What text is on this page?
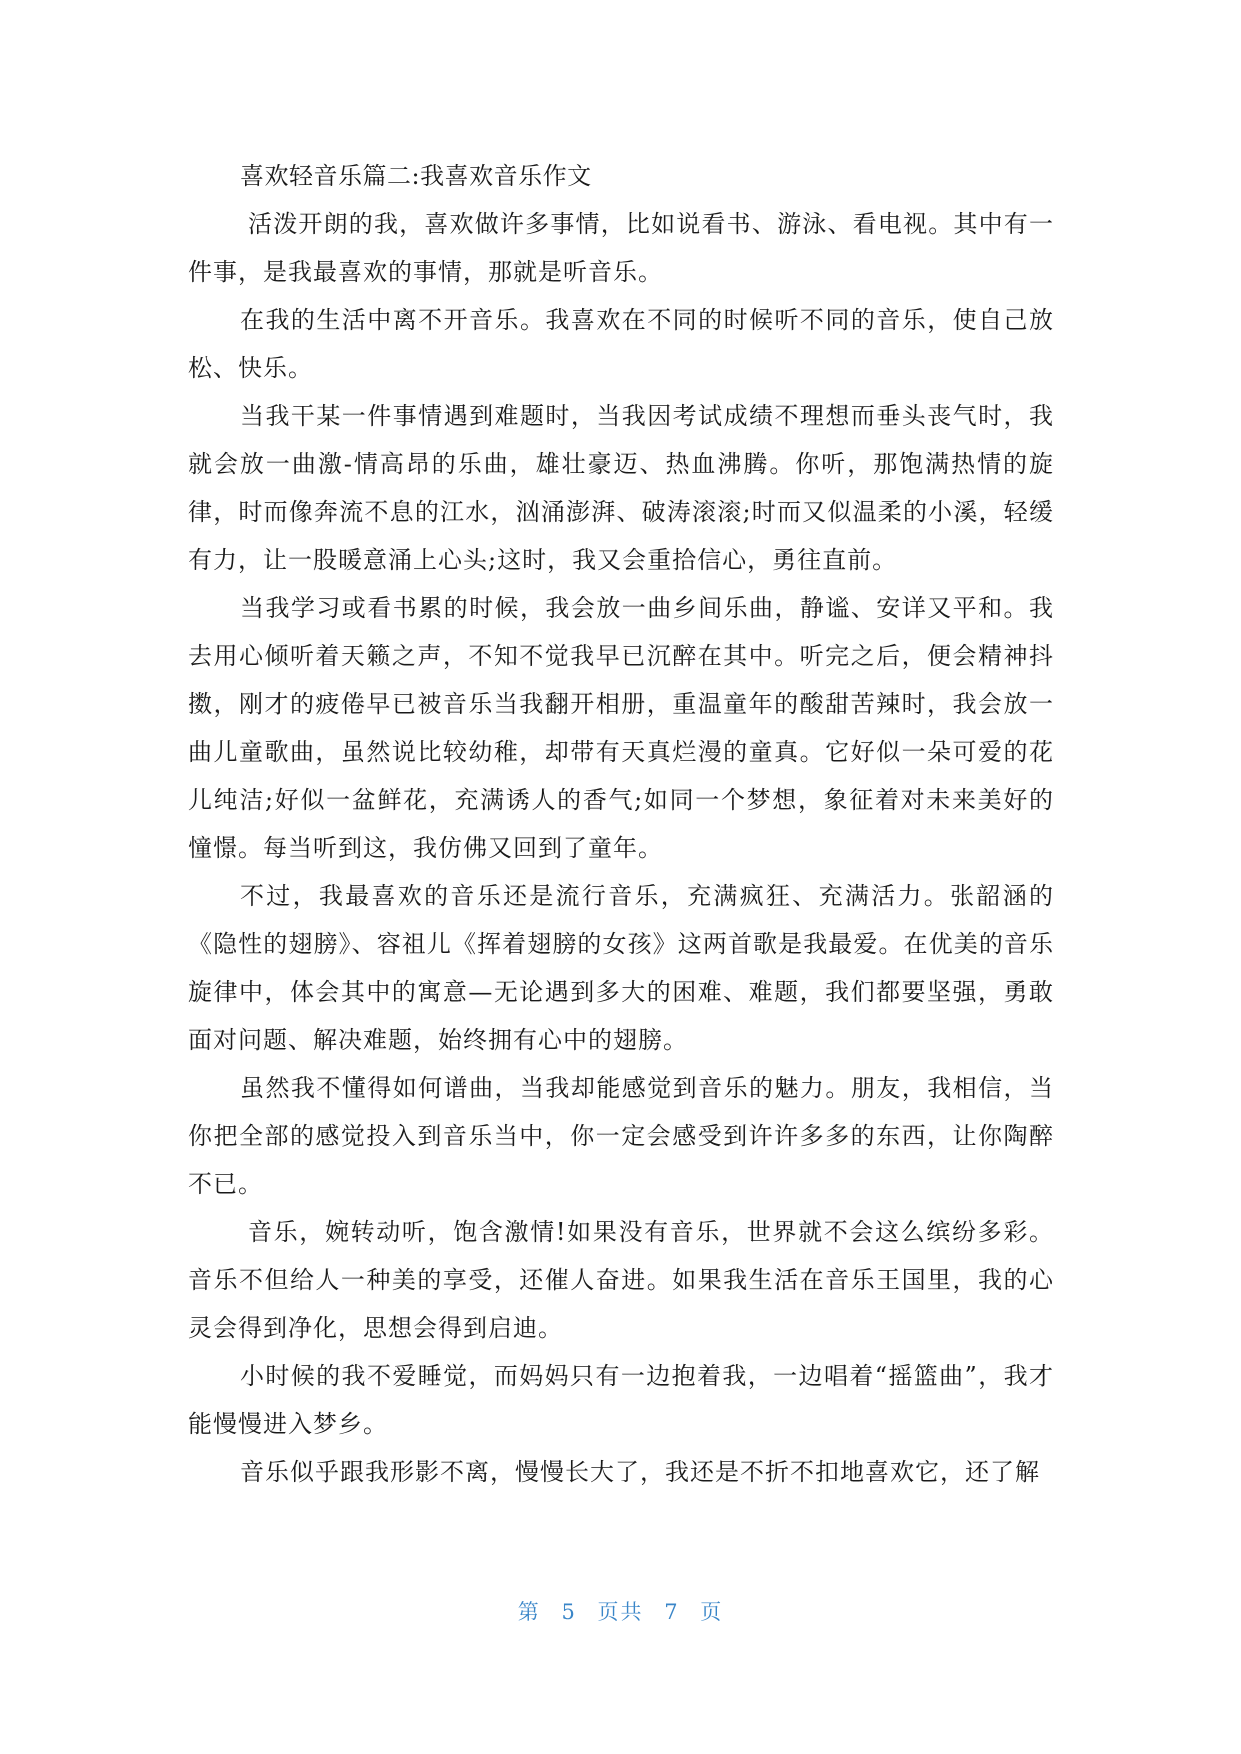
喜欢轻音乐篇二:我喜欢音乐作文

活泼开朗的我，喜欢做许多事情，比如说看书、游泳、看电视。其中有一件事，是我最喜欢的事情，那就是听音乐。

在我的生活中离不开音乐。我喜欢在不同的时候听不同的音乐，使自己放松、快乐。

当我干某一件事情遇到难题时，当我因考试成绩不理想而垂头丧气时，我就会放一曲激-情高昂的乐曲，雄壮豪迈、热血沸腾。你听，那饱满热情的旋律，时而像奔流不息的江水，汹涌澎湃、破涛滚滚;时而又似温柔的小溪，轻缓有力，让一股暖意涌上心头;这时，我又会重拾信心，勇往直前。

当我学习或看书累的时候，我会放一曲乡间乐曲，静谧、安详又平和。我去用心倾听着天籁之声，不知不觉我早已沉醉在其中。听完之后，便会精神抖擞，刚才的疲倦早已被音乐当我翻开相册，重温童年的酸甜苦辣时，我会放一曲儿童歌曲，虽然说比较幼稚，却带有天真烂漫的童真。它好似一朵可爱的花儿纯洁;好似一盆鲜花，充满诱人的香气;如同一个梦想，象征着对未来美好的憧憬。每当听到这，我仿佛又回到了童年。

不过，我最喜欢的音乐还是流行音乐，充满疯狂、充满活力。张韶涵的《隐性的翅膀》、容祖儿《挥着翅膀的女孩》这两首歌是我最爱。在优美的音乐旋律中，体会其中的寓意—无论遇到多大的困难、难题，我们都要坚强，勇敢面对问题、解决难题，始终拥有心中的翅膀。

虽然我不懂得如何谱曲，当我却能感觉到音乐的魅力。朋友，我相信，当你把全部的感觉投入到音乐当中，你一定会感受到许许多多的东西，让你陶醉不已。

音乐，婉转动听，饱含激情!如果没有音乐，世界就不会这么缤纷多彩。音乐不但给人一种美的享受，还催人奋进。如果我生活在音乐王国里，我的心灵会得到净化，思想会得到启迪。

小时候的我不爱睡觉，而妈妈只有一边抱着我，一边唱着“摇篮曲”，我才能慢慢进入梦乡。

音乐似乎跟我形影不离，慢慢长大了，我还是不折不扣地喜欢它，还了解

第 5 页共 7 页
